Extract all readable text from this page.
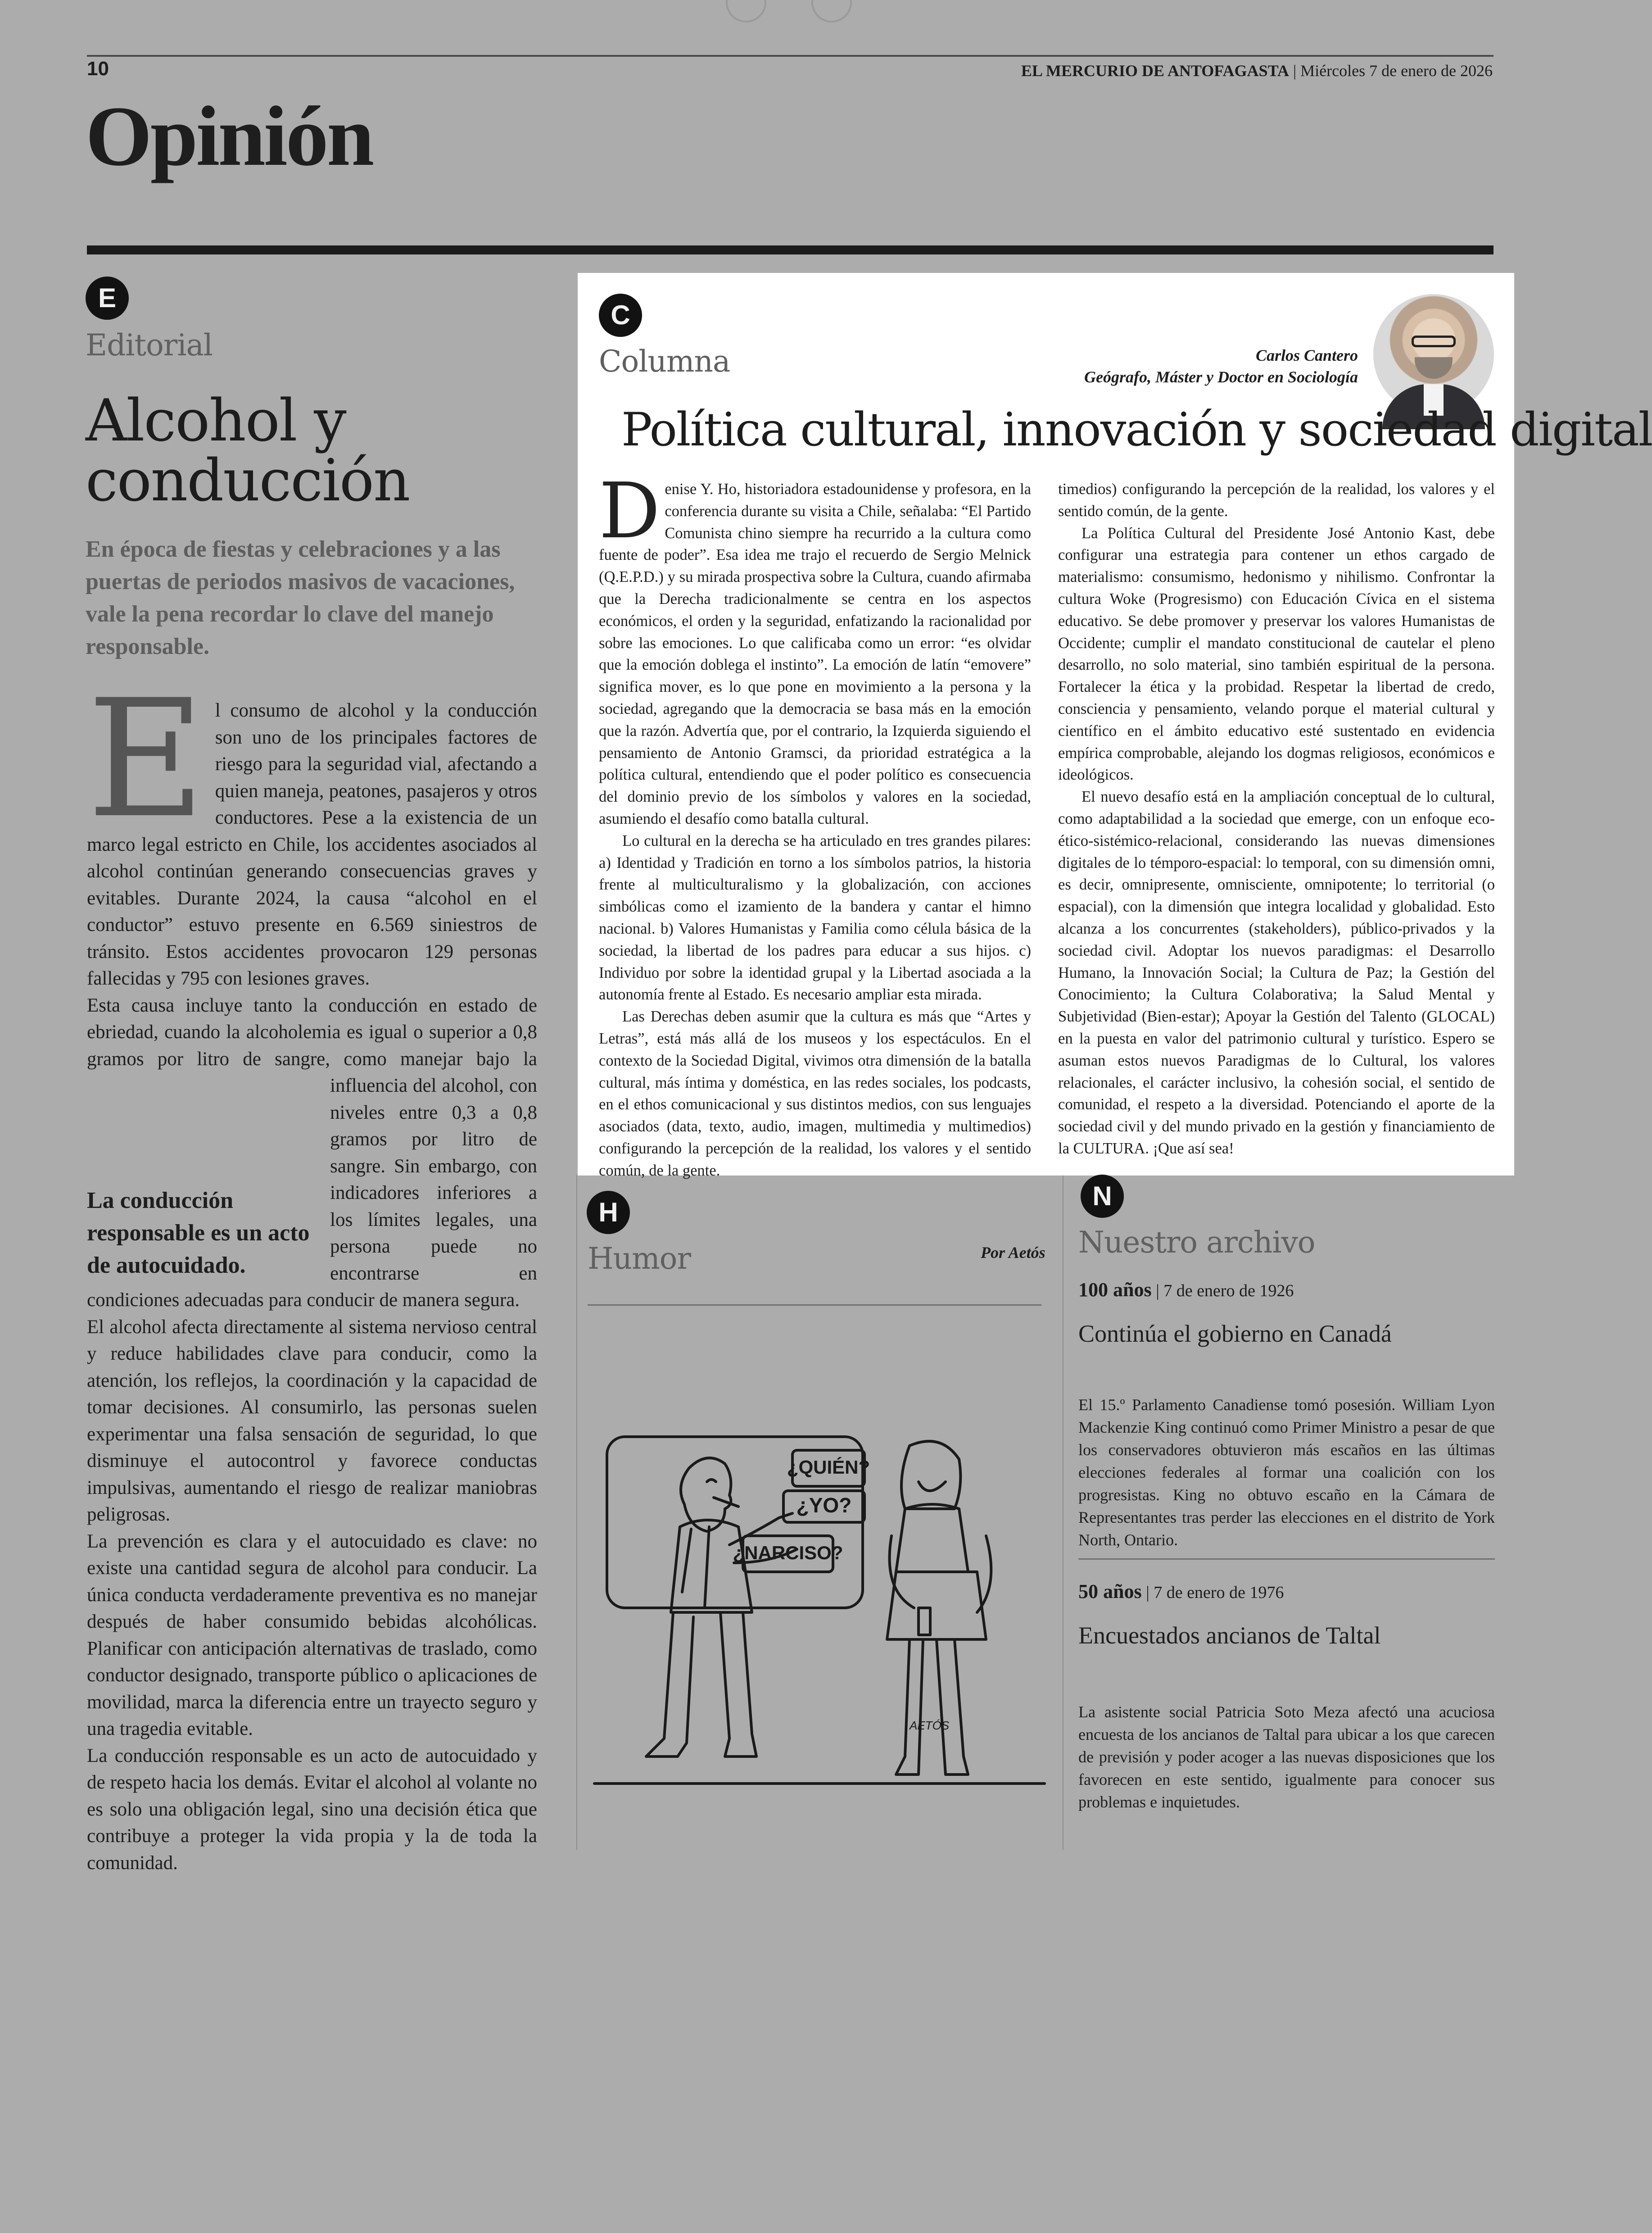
10	EL MERCURIO DE ANTOFAGASTA | Miércoles 7 de enero de 2026
Opinión
E
Editorial
Alcohol y
conducción
En época de fiestas y celebraciones y a las puertas de periodos masivos de vacaciones, vale la pena recordar lo clave del manejo responsable.

El consumo de alcohol y la conducción son uno de los principales factores de riesgo para la seguridad vial, afectando a quien maneja, peatones, pasajeros y otros conductores. Pese a la existencia de un marco legal estricto en Chile, los accidentes asociados al alcohol continúan generando consecuencias graves y evitables. Durante 2024, la causa “alcohol en el conductor” estuvo presente en 6.569 siniestros de tránsito. Estos accidentes provocaron 129 personas fallecidas y 795 con lesiones graves.

Esta causa incluye tanto la conducción en estado de ebriedad, cuando la alcoholemia es igual o superior a 0,8 gramos por litro de sangre, como manejar bajo la influencia del alcohol, con niveles entre 0,3 a 0,8 gramos por litro de sangre. Sin embargo, con indicadores inferiores a los límites legales, una persona puede no encontrarse en condiciones adecuadas para conducir de manera segura.

El alcohol afecta directamente al sistema nervioso central y reduce habilidades clave para conducir, como la atención, los reflejos, la coordinación y la capacidad de tomar decisiones. Al consumirlo, las personas suelen experimentar una falsa sensación de seguridad, lo que disminuye el autocontrol y favorece conductas impulsivas, aumentando el riesgo de realizar maniobras peligrosas.

La prevención es clara y el autocuidado es clave: no existe una cantidad segura de alcohol para conducir. La única conducta verdaderamente preventiva es no manejar después de haber consumido bebidas alcohólicas. Planificar con anticipación alternativas de traslado, como conductor designado, transporte público o aplicaciones de movilidad, marca la diferencia entre un trayecto seguro y una tragedia evitable.

La conducción responsable es un acto de autocuidado y de respeto hacia los demás. Evitar el alcohol al volante no es solo una obligación legal, sino una decisión ética que contribuye a proteger la vida propia y la de toda la comunidad.

La conducción responsable es un acto de autocuidado.
C
Columna	Carlos Cantero
Geógrafo, Máster y Doctor en Sociología
Política cultural, innovación y sociedad digital

Denise Y. Ho, historiadora estadounidense y profesora, en la conferencia durante su visita a Chile, señalaba: “El Partido Comunista chino siempre ha recurrido a la cultura como fuente de poder”. Esa idea me trajo el recuerdo de Sergio Melnick (Q.E.P.D.) y su mirada prospectiva sobre la Cultura, cuando afirmaba que la Derecha tradicionalmente se centra en los aspectos económicos, el orden y la seguridad, enfatizando la racionalidad por sobre las emociones. Lo que calificaba como un error: “es olvidar que la emoción doblega el instinto”. La emoción de latín “emovere” significa mover, es lo que pone en movimiento a la persona y la sociedad, agregando que la democracia se basa más en la emoción que la razón. Advertía que, por el contrario, la Izquierda siguiendo el pensamiento de Antonio Gramsci, da prioridad estratégica a la política cultural, entendiendo que el poder político es consecuencia del dominio previo de los símbolos y valores en la sociedad, asumiendo el desafío como batalla cultural.

Lo cultural en la derecha se ha articulado en tres grandes pilares: a) Identidad y Tradición en torno a los símbolos patrios, la historia frente al multiculturalismo y la globalización, con acciones simbólicas como el izamiento de la bandera y cantar el himno nacional. b) Valores Humanistas y Familia como célula básica de la sociedad, la libertad de los padres para educar a sus hijos. c) Individuo por sobre la identidad grupal y la Libertad asociada a la autonomía frente al Estado. Es necesario ampliar esta mirada.

Las Derechas deben asumir que la cultura es más que “Artes y Letras”, está más allá de los museos y los espectáculos. En el contexto de la Sociedad Digital, vivimos otra dimensión de la batalla cultural, más íntima y doméstica, en las redes sociales, los podcasts, en el ethos comunicacional y sus distintos medios, con sus lenguajes asociados (data, texto, audio, imagen, multimedia y multimedios) configurando la percepción de la realidad, los valores y el sentido común, de la gente.

timedios) configurando la percepción de la realidad, los valores y el sentido común, de la gente.

La Política Cultural del Presidente José Antonio Kast, debe configurar una estrategia para contener un ethos cargado de materialismo: consumismo, hedonismo y nihilismo. Confrontar la cultura Woke (Progresismo) con Educación Cívica en el sistema educativo. Se debe promover y preservar los valores Humanistas de Occidente; cumplir el mandato constitucional de cautelar el pleno desarrollo, no solo material, sino también espiritual de la persona. Fortalecer la ética y la probidad. Respetar la libertad de credo, consciencia y pensamiento, velando porque el material cultural y científico en el ámbito educativo esté sustentado en evidencia empírica comprobable, alejando los dogmas religiosos, económicos e ideológicos.

El nuevo desafío está en la ampliación conceptual de lo cultural, como adaptabilidad a la sociedad que emerge, con un enfoque eco-ético-sistémico-relacional, considerando las nuevas dimensiones digitales de lo témporo-espacial: lo temporal, con su dimensión omni, es decir, omnipresente, omnisciente, omnipotente; lo territorial (o espacial), con la dimensión que integra localidad y globalidad. Esto alcanza a los concurrentes (stakeholders), público-privados y la sociedad civil. Adoptar los nuevos paradigmas: el Desarrollo Humano, la Innovación Social; la Cultura de Paz; la Gestión del Conocimiento; la Cultura Colaborativa; la Salud Mental y Subjetividad (Bien-estar); Apoyar la Gestión del Talento (GLOCAL) en la puesta en valor del patrimonio cultural y turístico. Espero se asuman estos nuevos Paradigmas de lo Cultural, los valores relacionales, el carácter inclusivo, la cohesión social, el sentido de comunidad, el respeto a la diversidad. Potenciando el aporte de la sociedad civil y del mundo privado en la gestión y financiamiento de la CULTURA. ¡Que así sea!

H
Humor	Por Aetós
¿QUIÉN?
¿YO?
¿NARCISO?
AETÓS
N
Nuestro archivo
100 años | 7 de enero de 1926
Continúa el gobierno en Canadá
El 15.º Parlamento Canadiense tomó posesión. William Lyon Mackenzie King continuó como Primer Ministro a pesar de que los conservadores obtuvieron más escaños en las últimas elecciones federales al formar una coalición con los progresistas. King no obtuvo escaño en la Cámara de Representantes tras perder las elecciones en el distrito de York North, Ontario.
50 años | 7 de enero de 1976
Encuestados ancianos de Taltal
La asistente social Patricia Soto Meza afectó una acuciosa encuesta de los ancianos de Taltal para ubicar a los que carecen de previsión y poder acoger a las nuevas disposiciones que los favorecen en este sentido, igualmente para conocer sus problemas e inquietudes.
